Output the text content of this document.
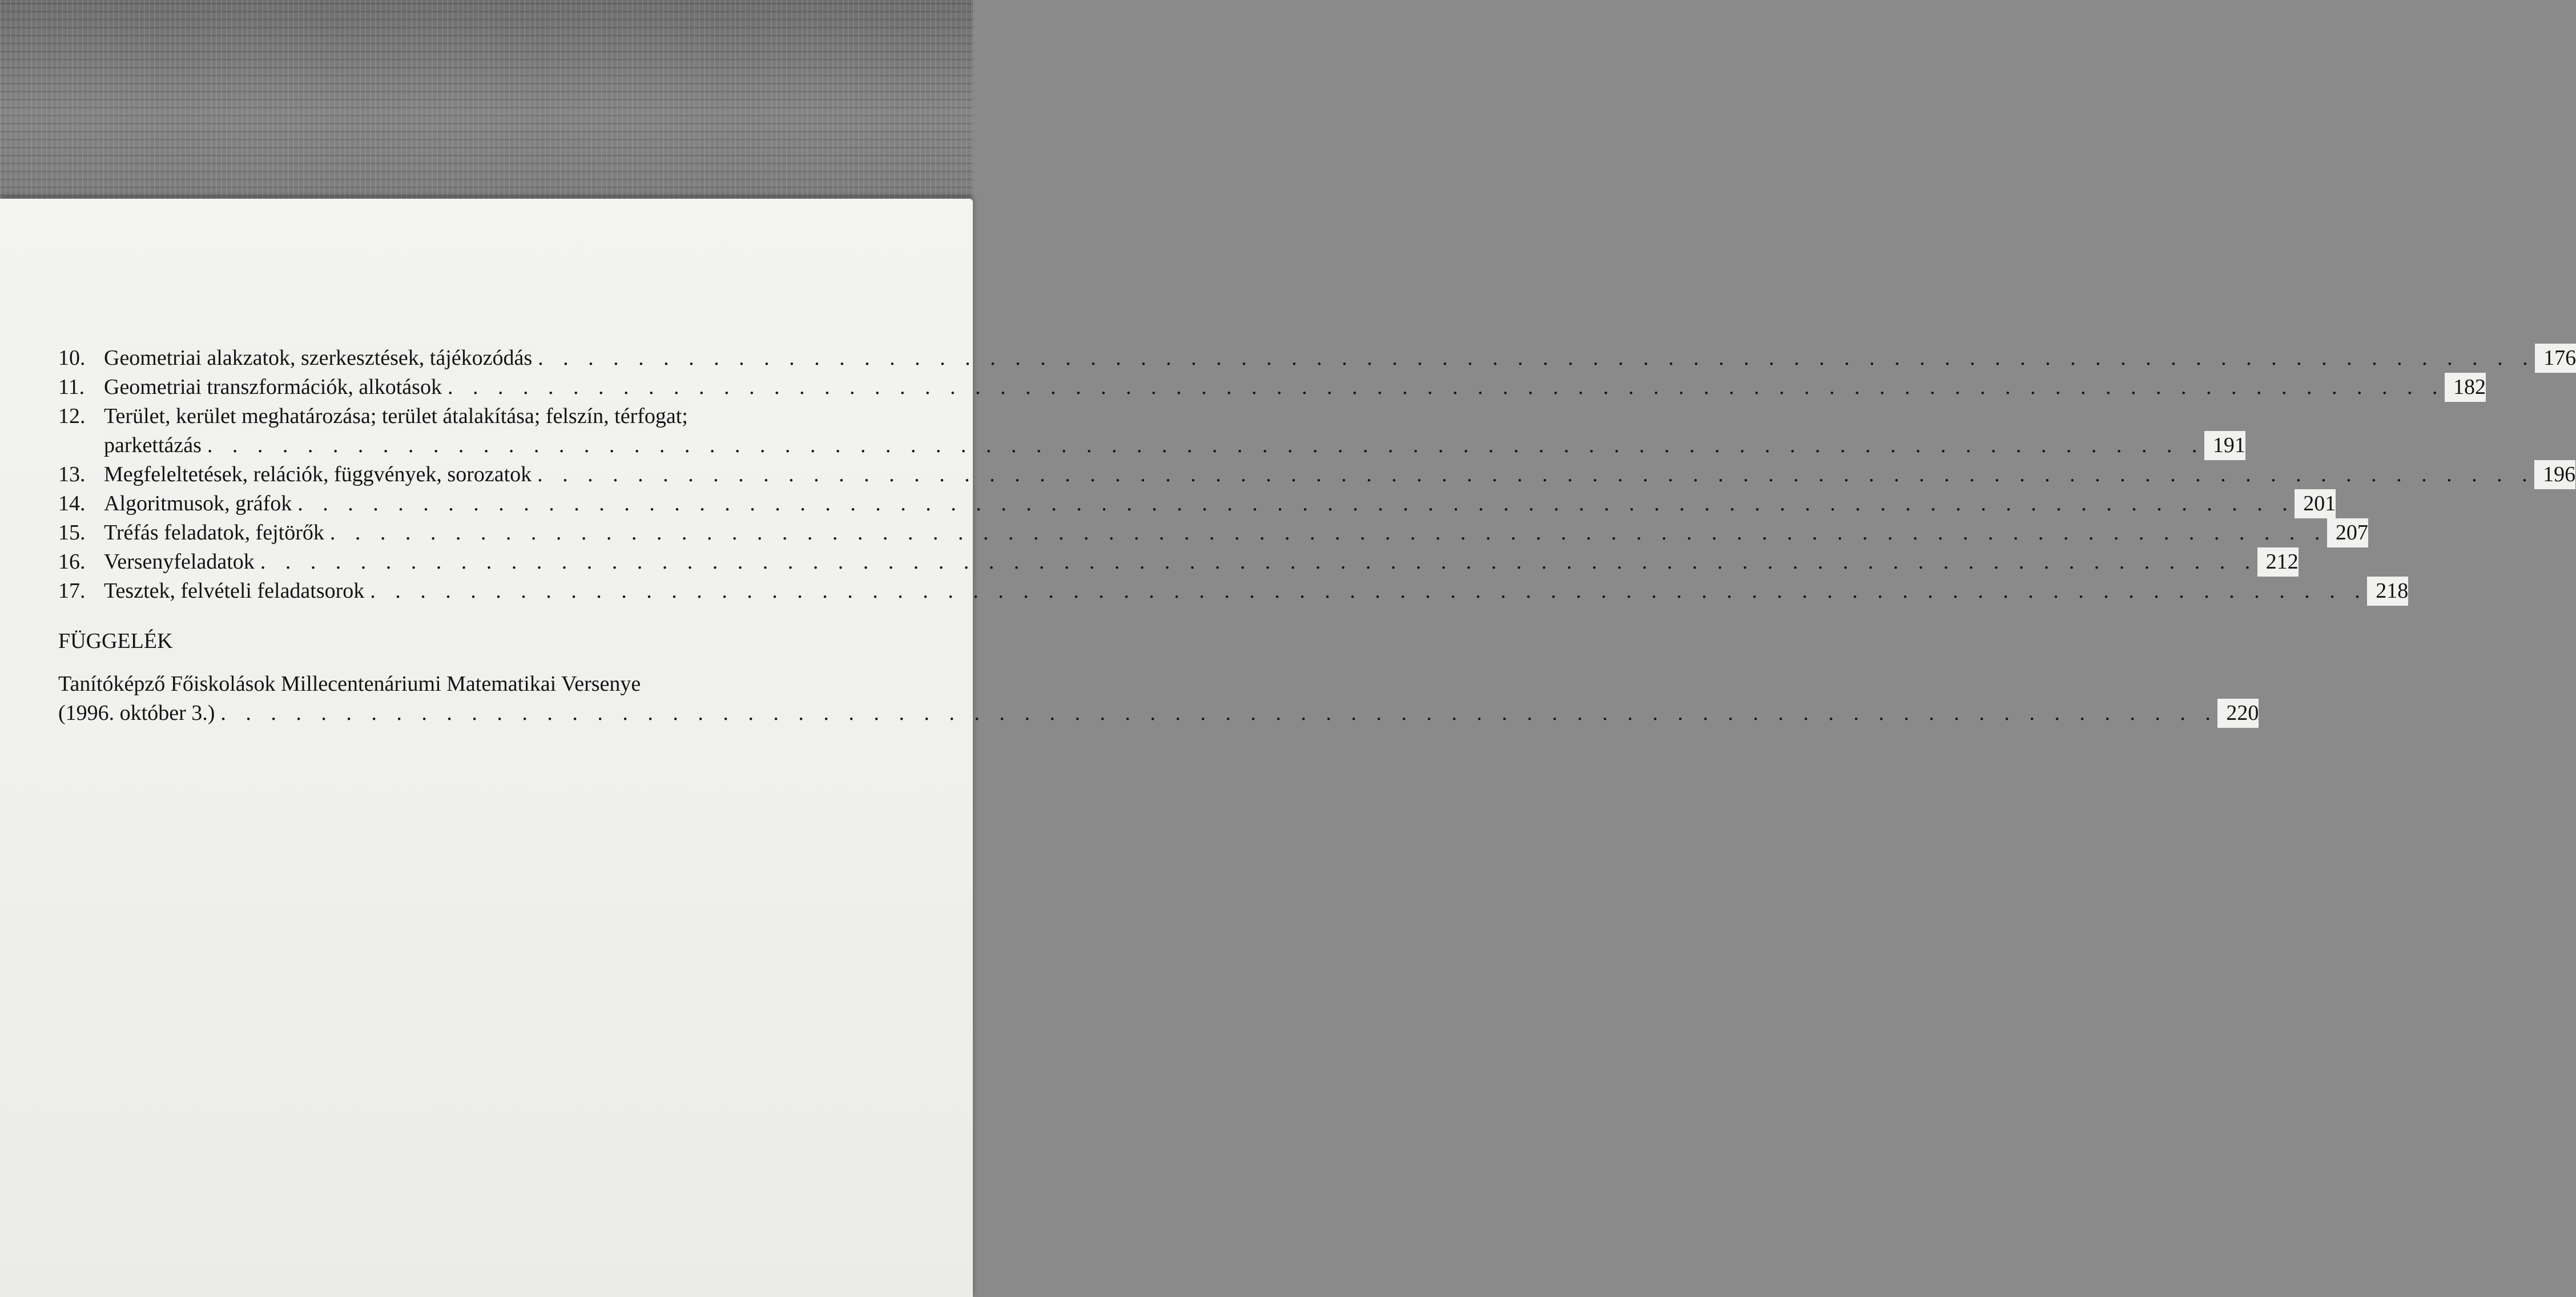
10. Geometriai alakzatok, szerkesztések, tájékozódás . . . . . . . . . . . . . . . . . . . . . . . . . . . . . . . . . . . . . . . . . . . . . . . . . . . . . . . . . . . . . . . . . . . . . . . . . . . . . . . . 176
11. Geometriai transzformációk, alkotások . . . . . . . . . . . . . . . . . . . . . . . . . . . . . . . . . . . . . . . . . . . . . . . . . . . . . . . . . . . . . . . . . . . . . . . . . . . . . . . . 182
12. Terület, kerület meghatározása; terület átalakítása; felszín, térfogat;
parkettázás . . . . . . . . . . . . . . . . . . . . . . . . . . . . . . . . . . . . . . . . . . . . . . . . . . . . . . . . . . . . . . . . . . . . . . . . . . . . . . . . 191
13. Megfeleltetések, relációk, függvények, sorozatok . . . . . . . . . . . . . . . . . . . . . . . . . . . . . . . . . . . . . . . . . . . . . . . . . . . . . . . . . . . . . . . . . . . . . . . . . . . . . . . . 196
14. Algoritmusok, gráfok . . . . . . . . . . . . . . . . . . . . . . . . . . . . . . . . . . . . . . . . . . . . . . . . . . . . . . . . . . . . . . . . . . . . . . . . . . . . . . . . 201
15. Tréfás feladatok, fejtörők . . . . . . . . . . . . . . . . . . . . . . . . . . . . . . . . . . . . . . . . . . . . . . . . . . . . . . . . . . . . . . . . . . . . . . . . . . . . . . . . 207
16. Versenyfeladatok . . . . . . . . . . . . . . . . . . . . . . . . . . . . . . . . . . . . . . . . . . . . . . . . . . . . . . . . . . . . . . . . . . . . . . . . . . . . . . . . 212
17. Tesztek, felvételi feladatsorok . . . . . . . . . . . . . . . . . . . . . . . . . . . . . . . . . . . . . . . . . . . . . . . . . . . . . . . . . . . . . . . . . . . . . . . . . . . . . . . . 218
FÜGGELÉK
Tanítóképző Főiskolások Millecentenáriumi Matematikai Versenye
(1996. október 3.) . . . . . . . . . . . . . . . . . . . . . . . . . . . . . . . . . . . . . . . . . . . . . . . . . . . . . . . . . . . . . . . . . . . . . . . . . . . . . . . . 220
